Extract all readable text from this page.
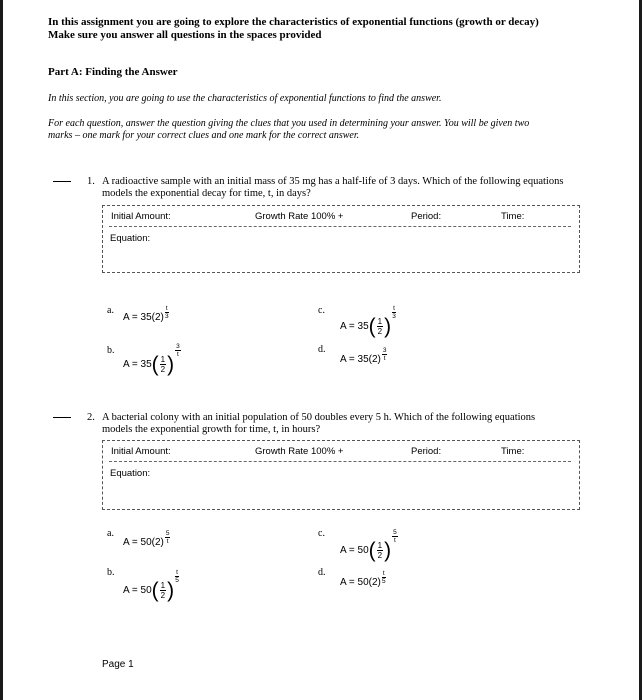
In this assignment you are going to explore the characteristics of exponential functions (growth or decay)
Make sure you answer all questions in the spaces provided
Part A: Finding the Answer
In this section, you are going to use the characteristics of exponential functions to find the answer.
For each question, answer the question giving the clues that you used in determining your answer. You will be given two
marks – one mark for your correct clues and one mark for the correct answer.
1. A radioactive sample with an initial mass of 35 mg has a half-life of 3 days. Which of the following equations
models the exponential decay for time, t, in days?
Initial Amount:	Growth Rate 100% +	Period:	Time:
Equation:
a.
$A = 35(2) \frac{t}{3}$
b.
A = 35 ( $\frac{1}{2}$ )
$\frac{3}{t}$
c.
A = 35 ( $\frac{1}{2}$ )
$\frac{t}{3}$
d.
$A = 35(2) \frac{3}{t}$
2. A bacterial colony with an initial population of 50 doubles every 5 h. Which of the following equations
models the exponential growth for time, t, in hours?
Initial Amount:	Growth Rate 100% +	Period:	Time:
Equation:
a.
$A = 50(2) \frac{5}{t}$
b.
A = 50 ( $\frac{1}{2}$ )
$\frac{t}{5}$
c.
A = 50 ( $\frac{1}{2}$ )
$\frac{5}{t}$
d.
$A = 50(2) \frac{t}{5}$
Page 1
